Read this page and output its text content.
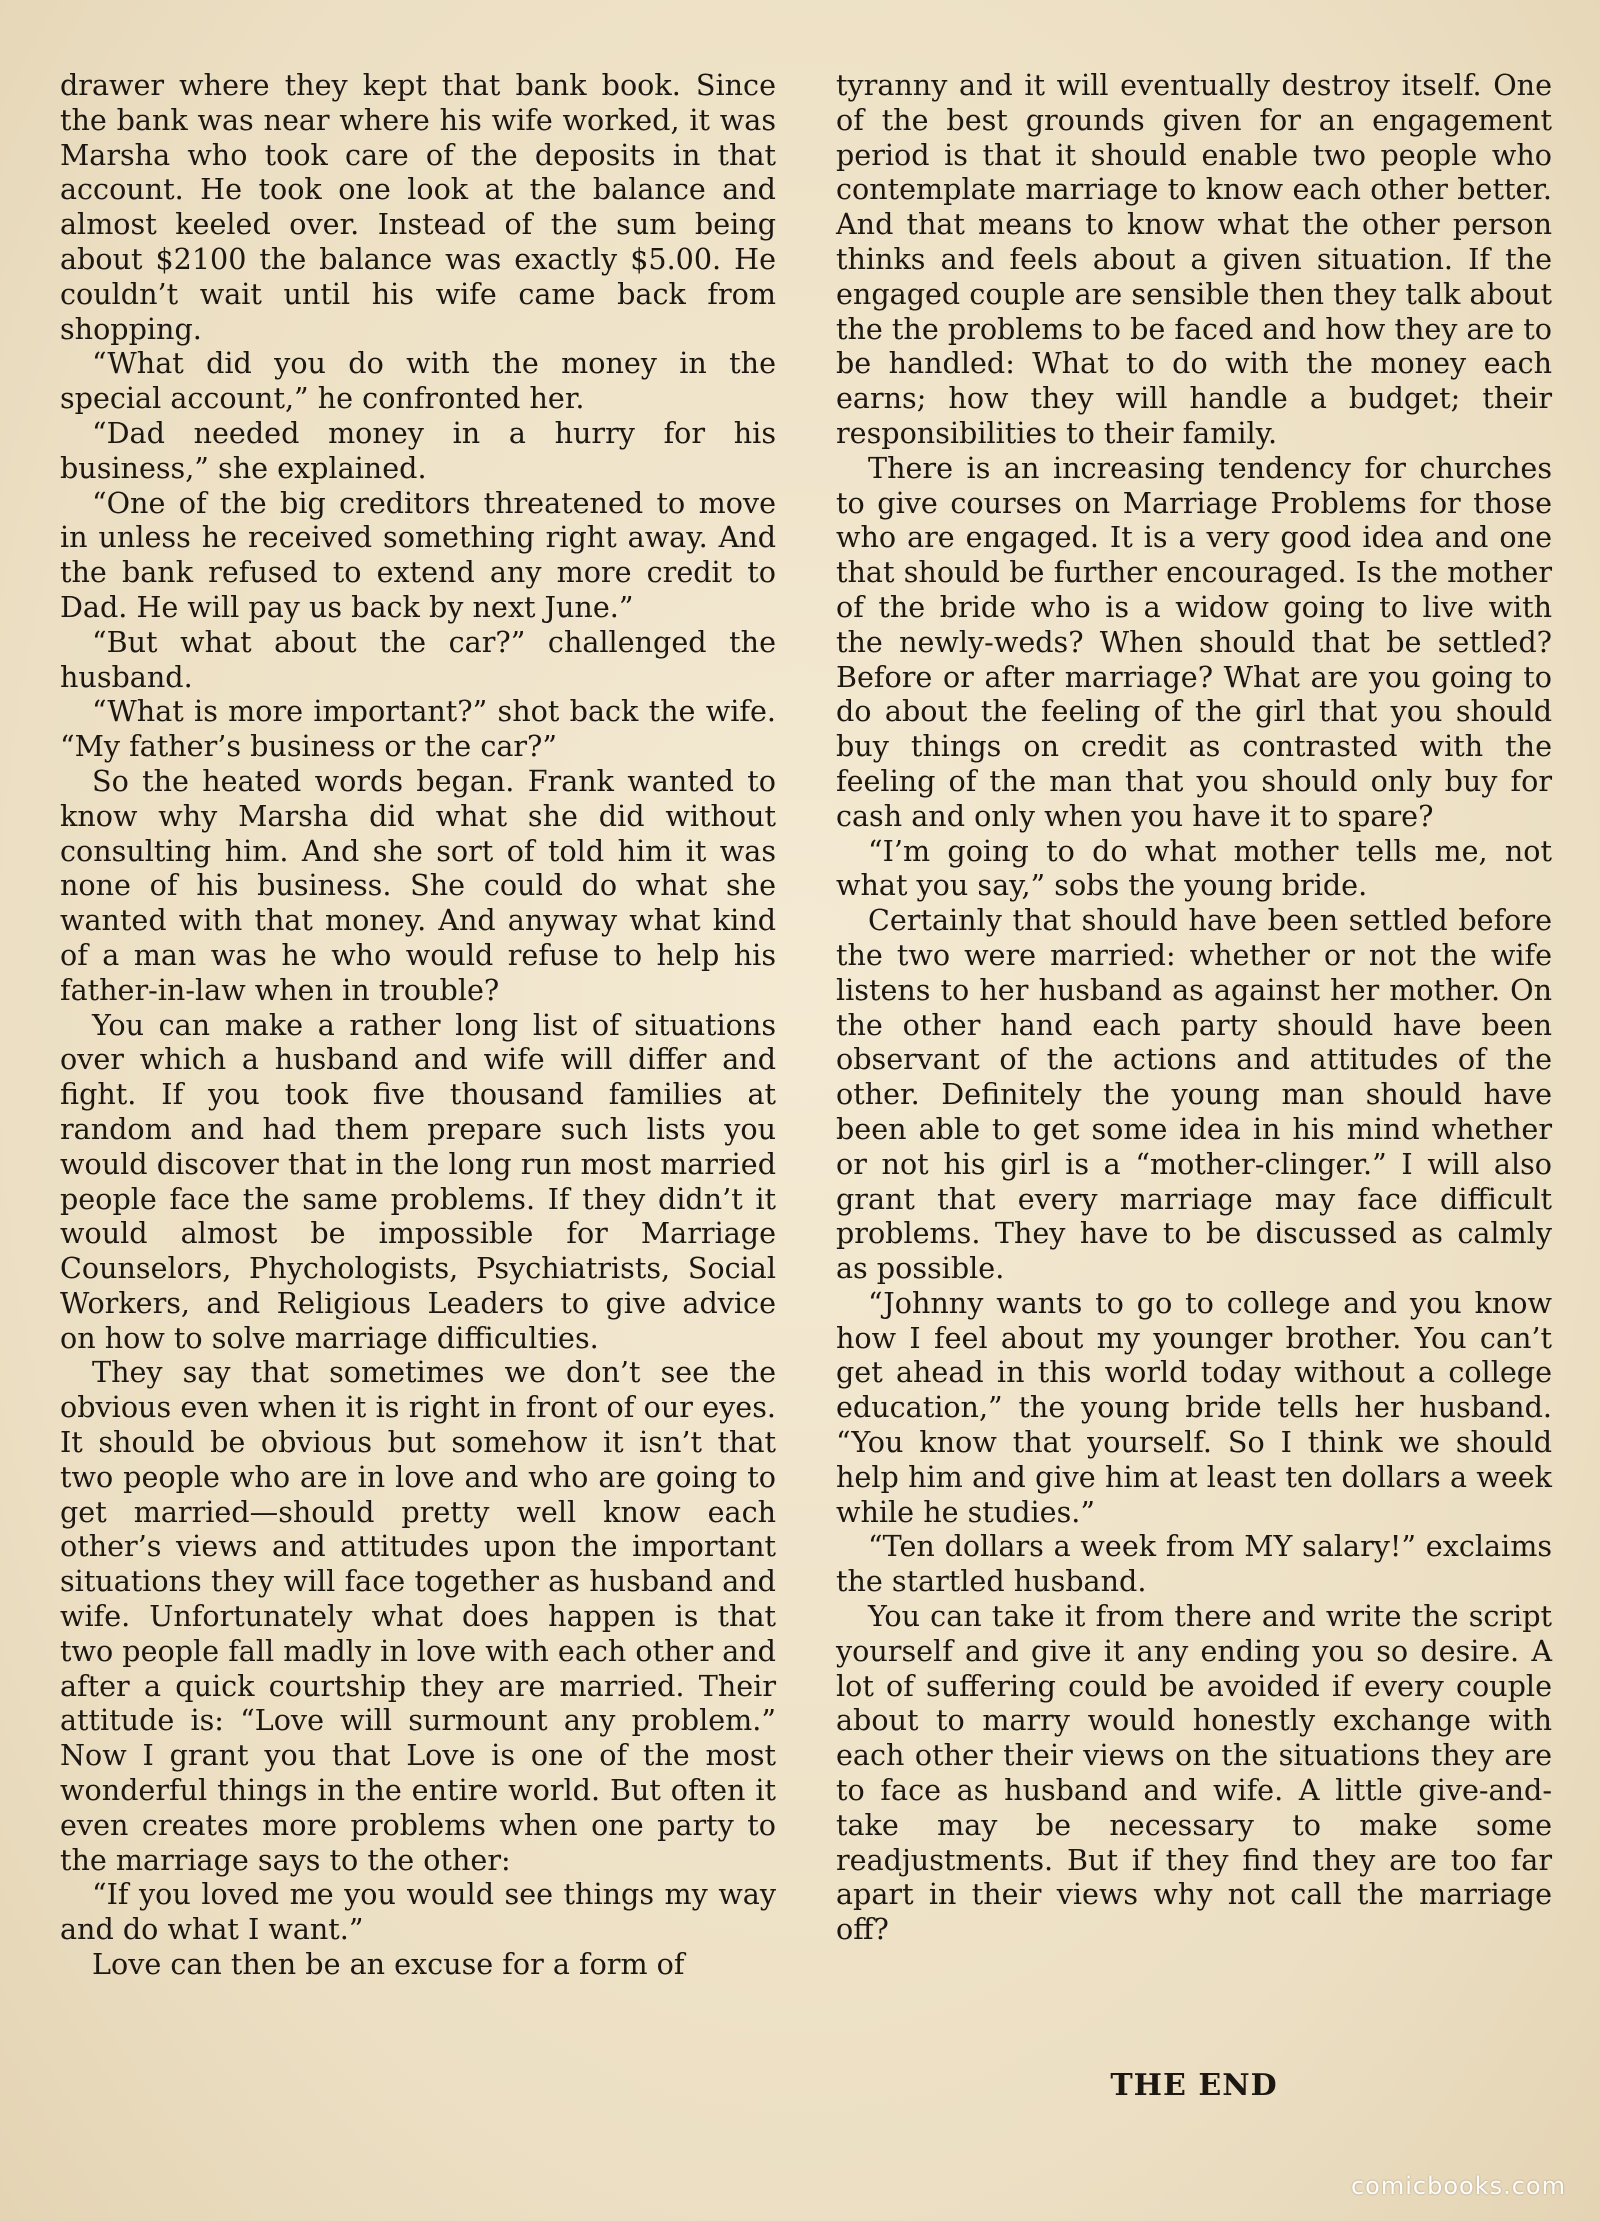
drawer where they kept that bank book. Since the bank was near where his wife worked, it was Marsha who took care of the deposits in that account. He took one look at the balance and almost keeled over. Instead of the sum being about $2100 the balance was exactly $5.00. He couldn’t wait until his wife came back from shopping.

“What did you do with the money in the special account,” he confronted her.

“Dad needed money in a hurry for his business,” she explained.

“One of the big creditors threatened to move in unless he received something right away. And the bank refused to extend any more credit to Dad. He will pay us back by next June.”

“But what about the car?” challenged the husband.

“What is more important?” shot back the wife. “My father’s business or the car?”

So the heated words began. Frank wanted to know why Marsha did what she did without consulting him. And she sort of told him it was none of his business. She could do what she wanted with that money. And anyway what kind of a man was he who would refuse to help his father-in-law when in trouble?

You can make a rather long list of situations over which a husband and wife will differ and fight. If you took five thousand families at random and had them prepare such lists you would discover that in the long run most married people face the same problems. If they didn’t it would almost be impossible for Marriage Counselors, Phychologists, Psychiatrists, Social Workers, and Religious Leaders to give advice on how to solve marriage difficulties.

They say that sometimes we don’t see the obvious even when it is right in front of our eyes. It should be obvious but somehow it isn’t that two people who are in love and who are going to get married—should pretty well know each other’s views and attitudes upon the important situations they will face together as husband and wife. Unfortunately what does happen is that two people fall madly in love with each other and after a quick courtship they are married. Their attitude is: “Love will surmount any problem.” Now I grant you that Love is one of the most wonderful things in the entire world. But often it even creates more problems when one party to the marriage says to the other:

“If you loved me you would see things my way and do what I want.”

Love can then be an excuse for a form of

tyranny and it will eventually destroy itself. One of the best grounds given for an engagement period is that it should enable two people who contemplate marriage to know each other better. And that means to know what the other person thinks and feels about a given situation. If the engaged couple are sensible then they talk about the the problems to be faced and how they are to be handled: What to do with the money each earns; how they will handle a budget; their responsibilities to their family.

There is an increasing tendency for churches to give courses on Marriage Problems for those who are engaged. It is a very good idea and one that should be further encouraged. Is the mother of the bride who is a widow going to live with the newly-weds? When should that be settled? Before or after marriage? What are you going to do about the feeling of the girl that you should buy things on credit as contrasted with the feeling of the man that you should only buy for cash and only when you have it to spare?

“I’m going to do what mother tells me, not what you say,” sobs the young bride.

Certainly that should have been settled before the two were married: whether or not the wife listens to her husband as against her mother. On the other hand each party should have been observant of the actions and attitudes of the other. Definitely the young man should have been able to get some idea in his mind whether or not his girl is a “mother-clinger.” I will also grant that every marriage may face difficult problems. They have to be discussed as calmly as possible.

“Johnny wants to go to college and you know how I feel about my younger brother. You can’t get ahead in this world today without a college education,” the young bride tells her husband. “You know that yourself. So I think we should help him and give him at least ten dollars a week while he studies.”

“Ten dollars a week from MY salary!” exclaims the startled husband.

You can take it from there and write the script yourself and give it any ending you so desire. A lot of suffering could be avoided if every couple about to marry would honestly exchange with each other their views on the situations they are to face as husband and wife. A little give-and-take may be necessary to make some readjustments. But if they find they are too far apart in their views why not call the marriage off?

THE END
comicbooks.com
